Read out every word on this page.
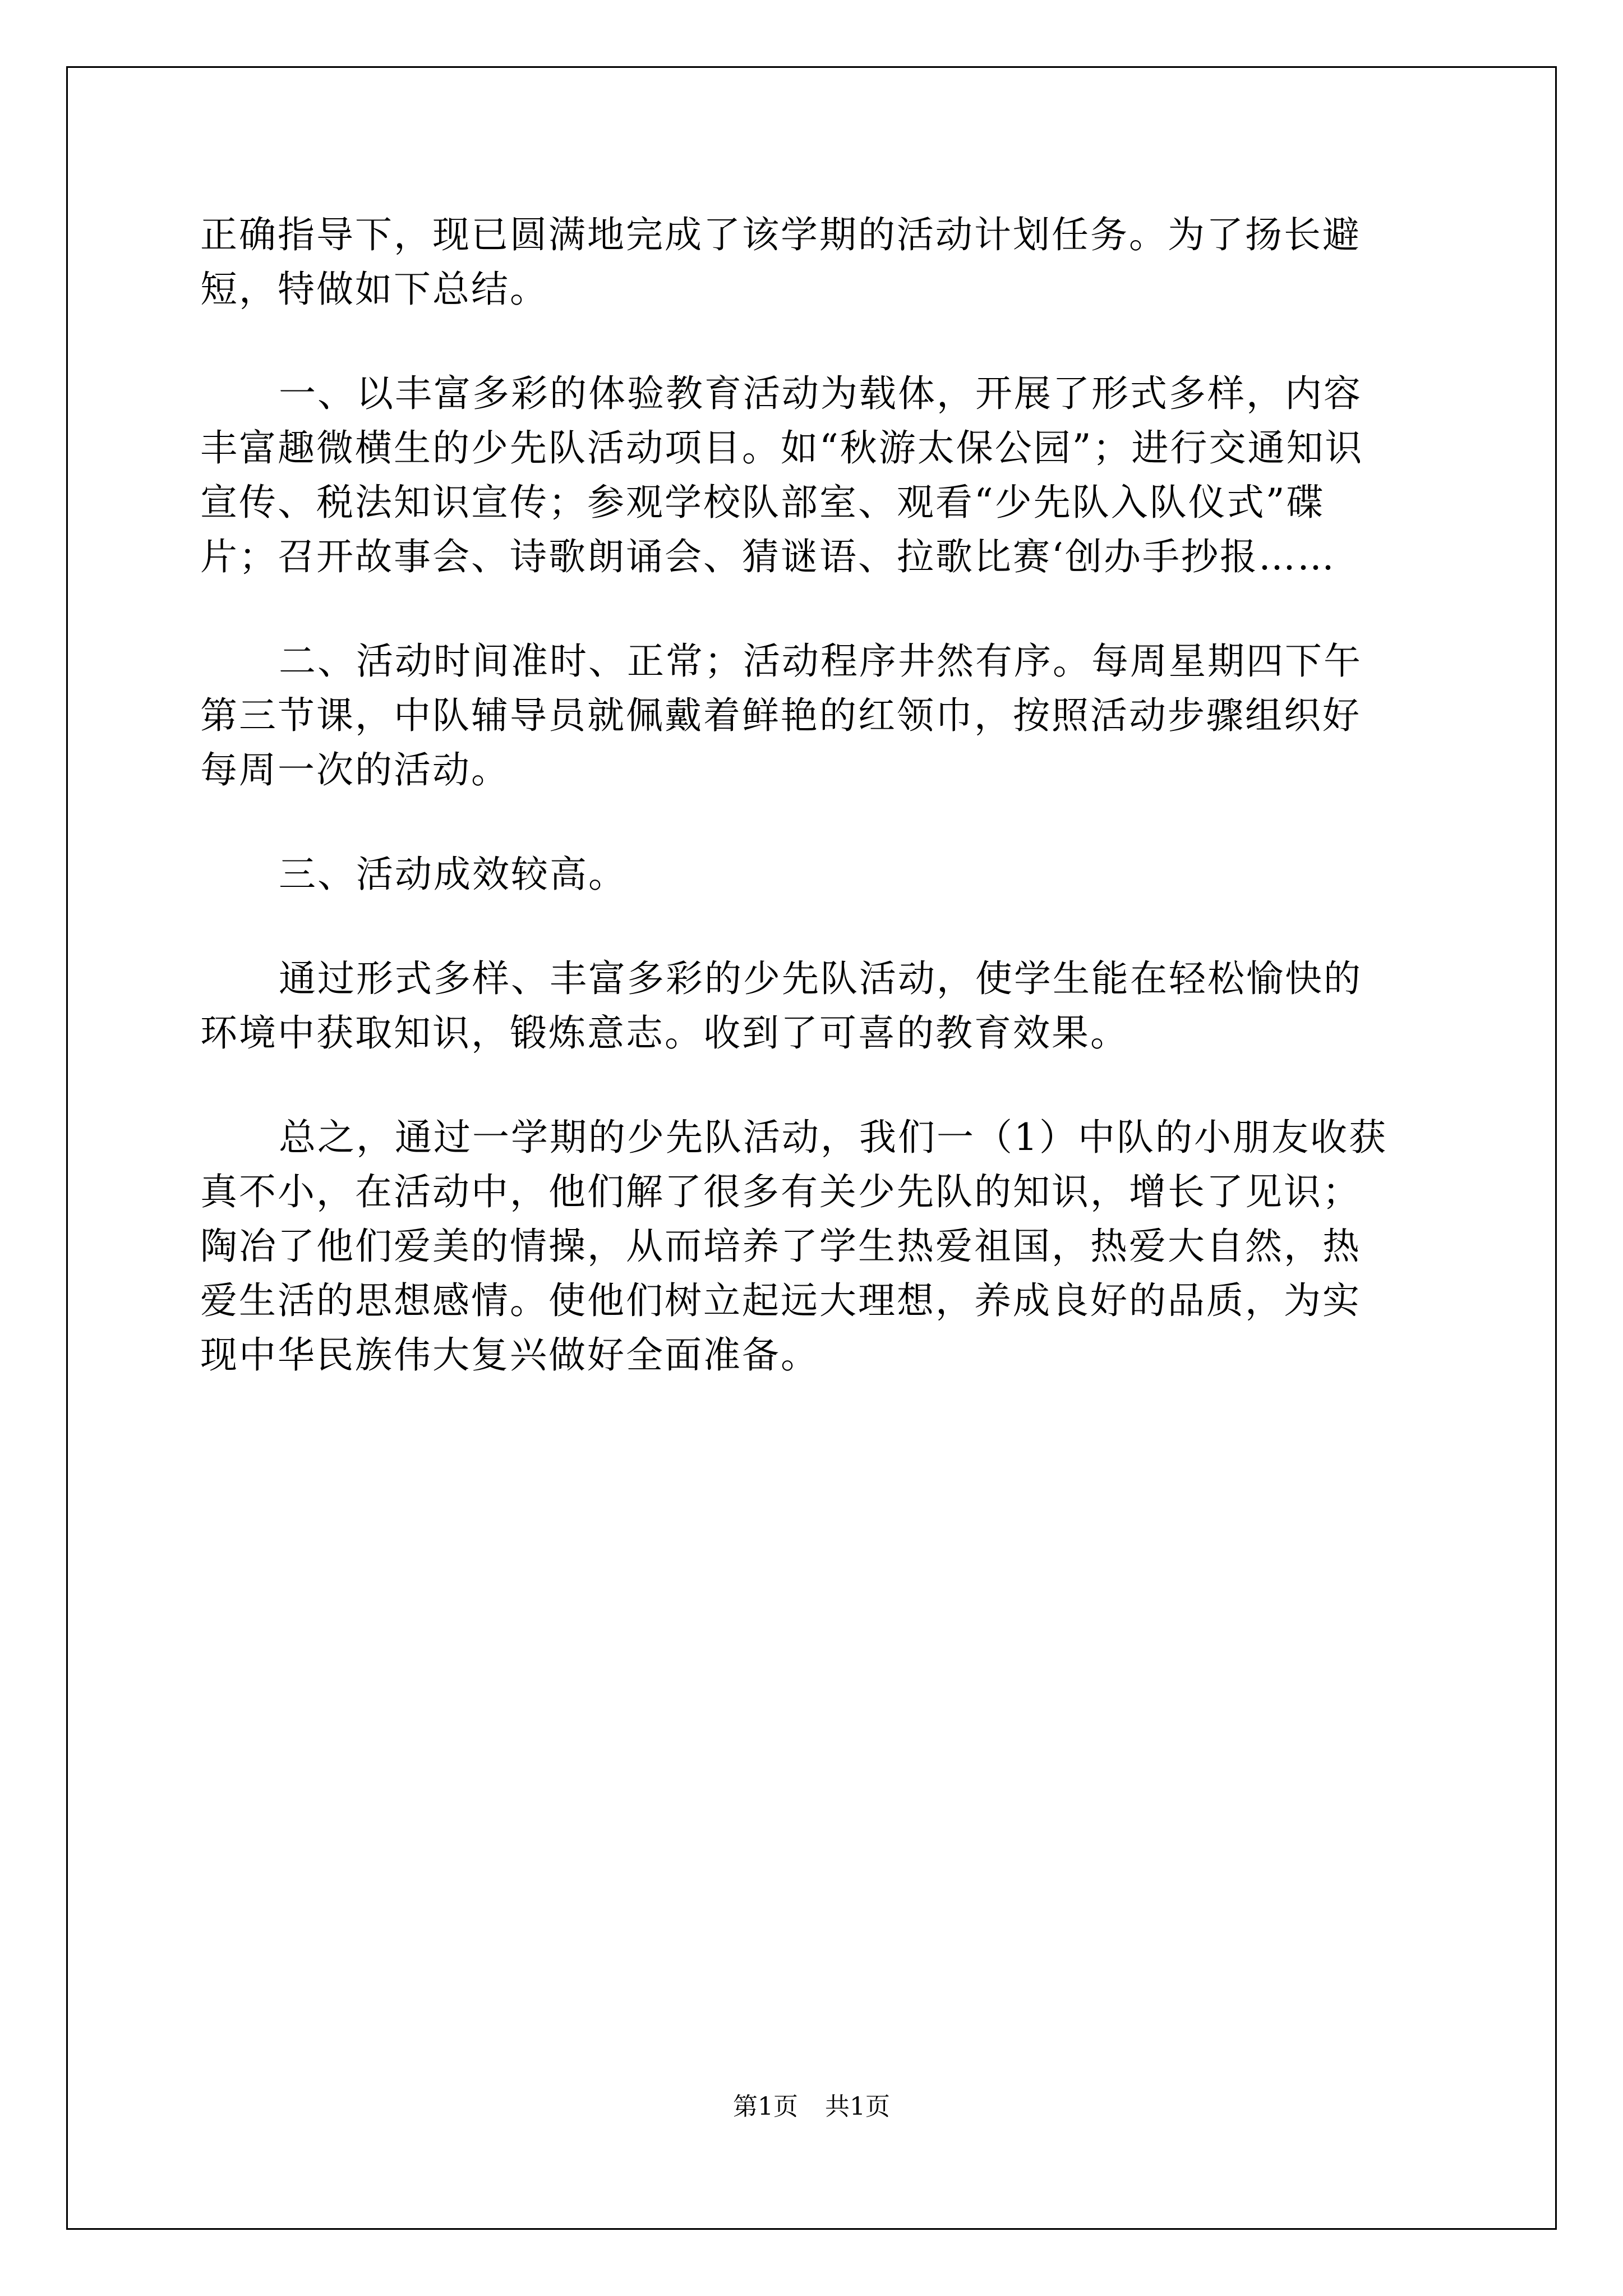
正确指导下，现已圆满地完成了该学期的活动计划任务。为了扬长避
短，特做如下总结。
一、以丰富多彩的体验教育活动为载体，开展了形式多样，内容
丰富趣微横生的少先队活动项目。如“秋游太保公园”；进行交通知识
宣传、税法知识宣传；参观学校队部室、观看“少先队入队仪式”碟
片；召开故事会、诗歌朗诵会、猜谜语、拉歌比赛‘创办手抄报……
二、活动时间准时、正常；活动程序井然有序。每周星期四下午
第三节课，中队辅导员就佩戴着鲜艳的红领巾，按照活动步骤组织好
每周一次的活动。
三、活动成效较高。
通过形式多样、丰富多彩的少先队活动，使学生能在轻松愉快的
环境中获取知识，锻炼意志。收到了可喜的教育效果。
总之，通过一学期的少先队活动，我们一（1）中队的小朋友收获
真不小，在活动中，他们解了很多有关少先队的知识，增长了见识；
陶冶了他们爱美的情操，从而培养了学生热爱祖国，热爱大自然，热
爱生活的思想感情。使他们树立起远大理想，养成良好的品质，为实
现中华民族伟大复兴做好全面准备。
第1页 共1页
